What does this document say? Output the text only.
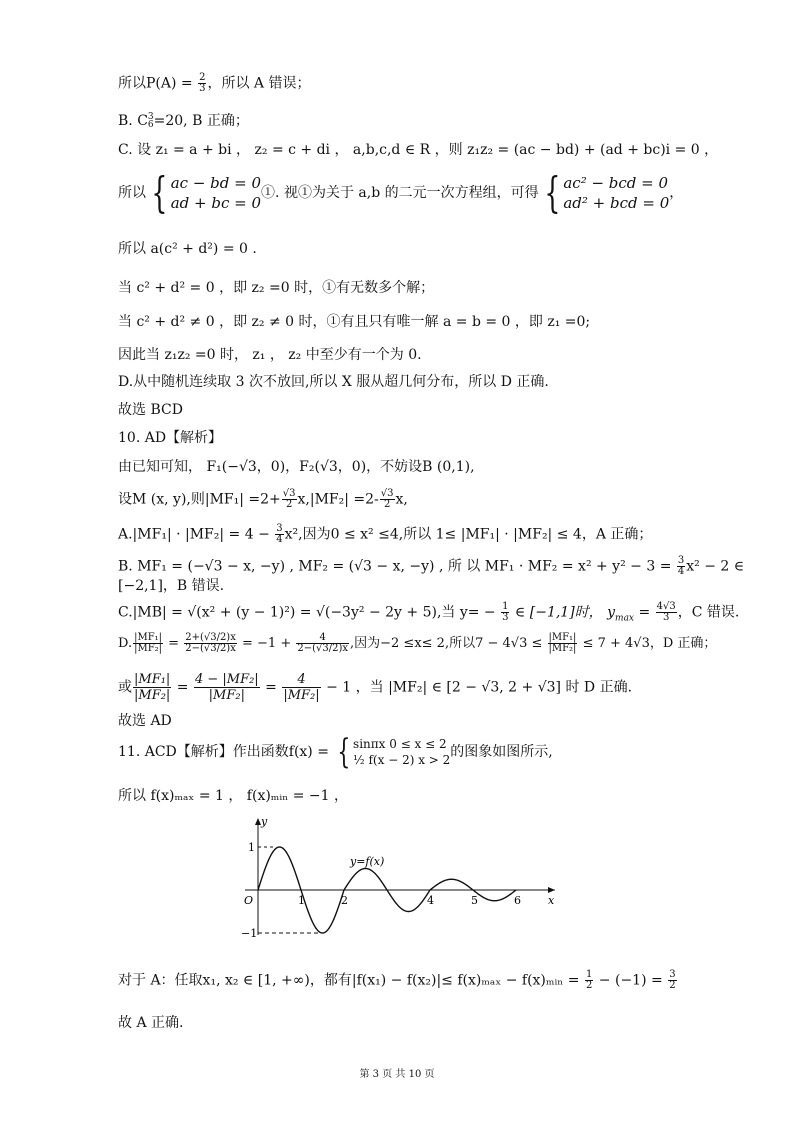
所以$P(A) = \frac{2}{3}$ ，所以 A 错误；
B. C 3
6 =20, B 正确；
C. 设 z₁ = a + bi ， z₂ = c + di ， a,b,c,d ∈ R ，则 z₁z₂ = (ac − bd) + (ad + bc)i = 0 ，
所以 { ac − bd = 0
ad + bc = 0
①. 视①为关于 a,b 的二元一次方程组，可得 { ac² − bcd = 0
ad² + bcd = 0
，
所以 a(c² + d²) = 0 .
当 c² + d² = 0 ，即 z₂ =0 时，①有无数多个解；
当 c² + d² ≠ 0 ，即 z₂ ≠ 0 时，①有且只有唯一解 a = b = 0 ，即 z₁ =0;
因此当 z₁z₂ =0 时， z₁ ， z₂ 中至少有一个为 0.
D.从中随机连续取 3 次不放回,所以 X 服从超几何分布，所以 D 正确.
故选 BCD
10. AD【解析】
由已知可知， F₁(−√3，0)，F₂(√3，0)，不妨设B (0,1),
设M (x, y),则$|MF_1| =2+ \frac{√3}{2} x,|MF_2| =2- \frac{√3}{2} x$,
$A.|MF_1| \cdot |MF_2| = 4 - \frac{3}{4} x^2$,因为0 ≤ x² ≤4,所以 1≤ |MF₁| · |MF₂| ≤ 4，A 正确；
B. MF₁ = (−√3 − x, −y) , MF₂ = (√3 − x, −y) , 所 以 $MF_1 \cdot MF_2 = x^2 + y^2 - 3 = \frac{3}{4} x^2 - 2$ ∈
[−2,1]，B 错误.
C.|MB| = √(x² + (y − 1)²) = √(−3y² − 2y + 5),当 $y= - \frac{1}{3}$ ∈ [−1,1]时， $y_{max} = \frac{4√3}{3}$ ，C 错误.
D. $\frac{\text{|MF₁|}}{\text{|MF₂|}} = \frac{2+(√3/2)x}{2-(√3/2)x} = -1 + \frac{4}{2-(√3/2)x}$ ,因为−2 ≤x≤ 2,所以$7 - 4√3 \le \frac{\text{|MF₁|}}{\text{|MF₂|}} \le 7 + 4√3$，D 正确；
或 $\frac{\text{|MF₁|}}{\text{|MF₂|}} = \frac{\text{4 − |MF₂|}}{\text{|MF₂|}} = \frac{4}{\text{|MF₂|}} - 1$ ，当 |MF₂| ∈ [2 − √3, 2 + √3] 时 D 正确.
故选 AD
11. ACD【解析】作出函数f(x) = { sinπx 0 ≤ x ≤ 2
½ f(x − 2) x > 2 的图象如图所示,
所以 f(x)ₘₐₓ = 1 ， f(x)ₘᵢₙ = −1 ，
y
x
O
y=f(x)
1
−1
1	2	4	5	6
对于 A：任取x₁, x₂ ∈ [1, +∞)，都有|f(x₁) − f(x₂)|≤ f(x)ₘₐₓ − f(x)ₘᵢₙ = $\frac{1}{2} - (-1) = \frac{3}{2}$
故 A 正确.
第 3 页 共 10 页
